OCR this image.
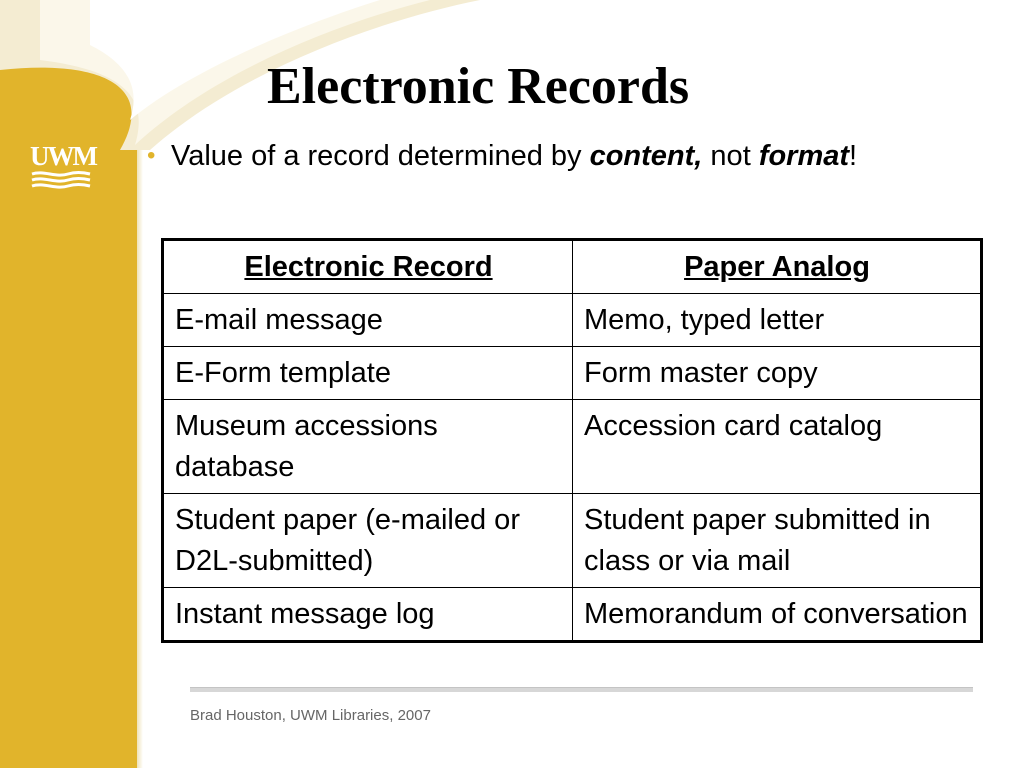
UWM
Electronic Records
• Value of a record determined by content, not format!
Electronic Record	Paper Analog
E-mail message	Memo, typed letter
E-Form template	Form master copy
Museum accessions database	Accession card catalog
Student paper (e-mailed or D2L-submitted)	Student paper submitted in class or via mail
Instant message log	Memorandum of conversation
Brad Houston, UWM Libraries, 2007
